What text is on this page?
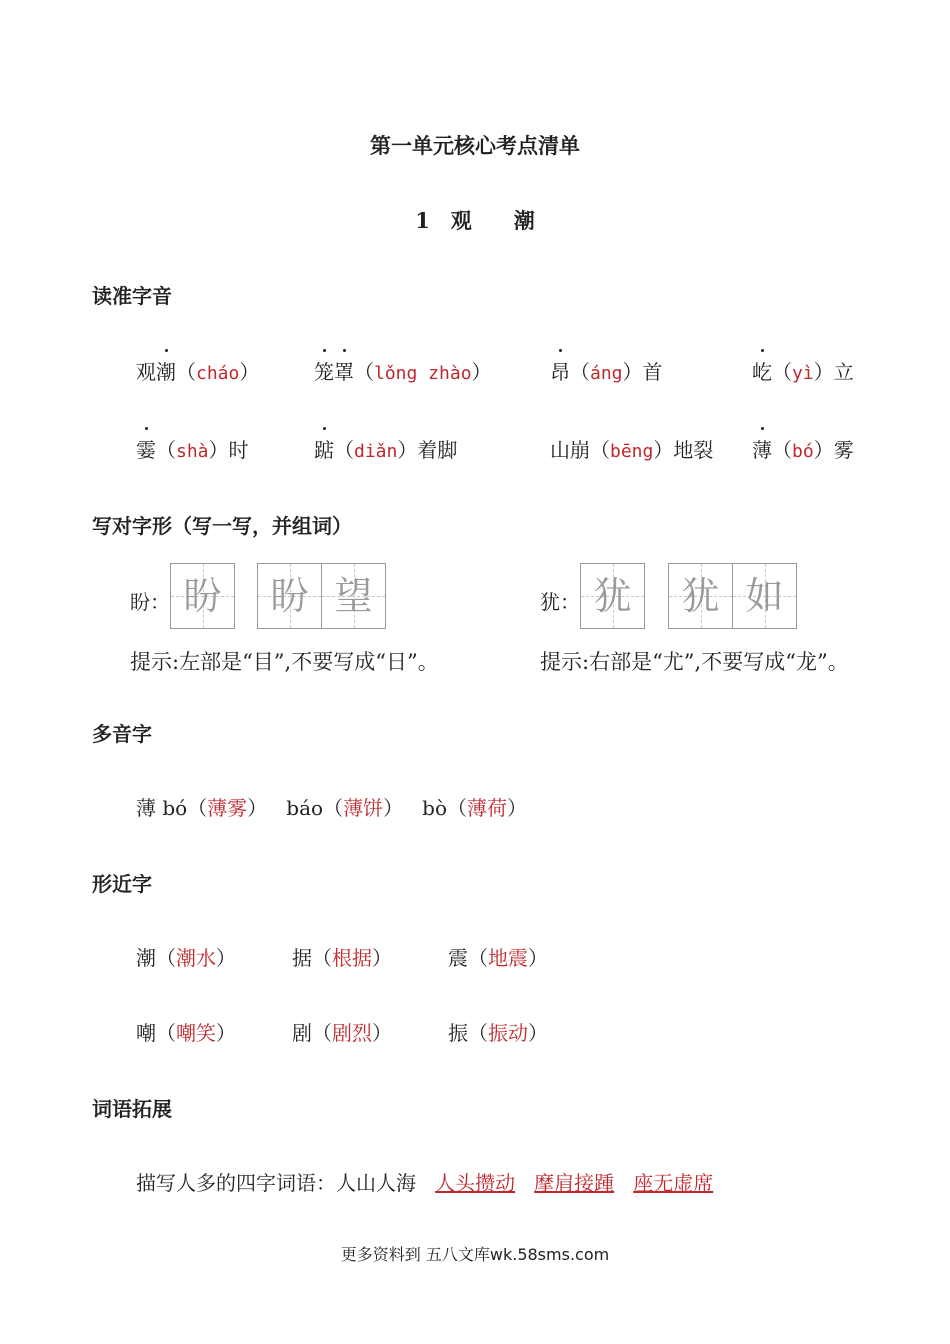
第一单元核心考点清单
1　观　　潮
读准字音
观潮（cháo）	笼罩（lǒng zhào）	昂（áng）首	屹（yì）立
霎（shà）时	踮（diǎn）着脚	山崩（bēng）地裂 薄（bó）雾
写对字形（写一写，并组词）
盼： 盼	盼 望
提示:左部是“目”,不要写成“日”。
犹： 犹	犹 如
提示:右部是“尤”,不要写成“龙”。
多音字
薄 bó（薄雾）   báo（薄饼）   bò（薄荷）
形近字
潮（潮水）	据（根据）	震（地震）
嘲（嘲笑）	剧（剧烈）	振（振动）
词语拓展
描写人多的四字词语：人山人海 人头攒动 摩肩接踵 座无虚席
更多资料到 五八文库wk.58sms.com
